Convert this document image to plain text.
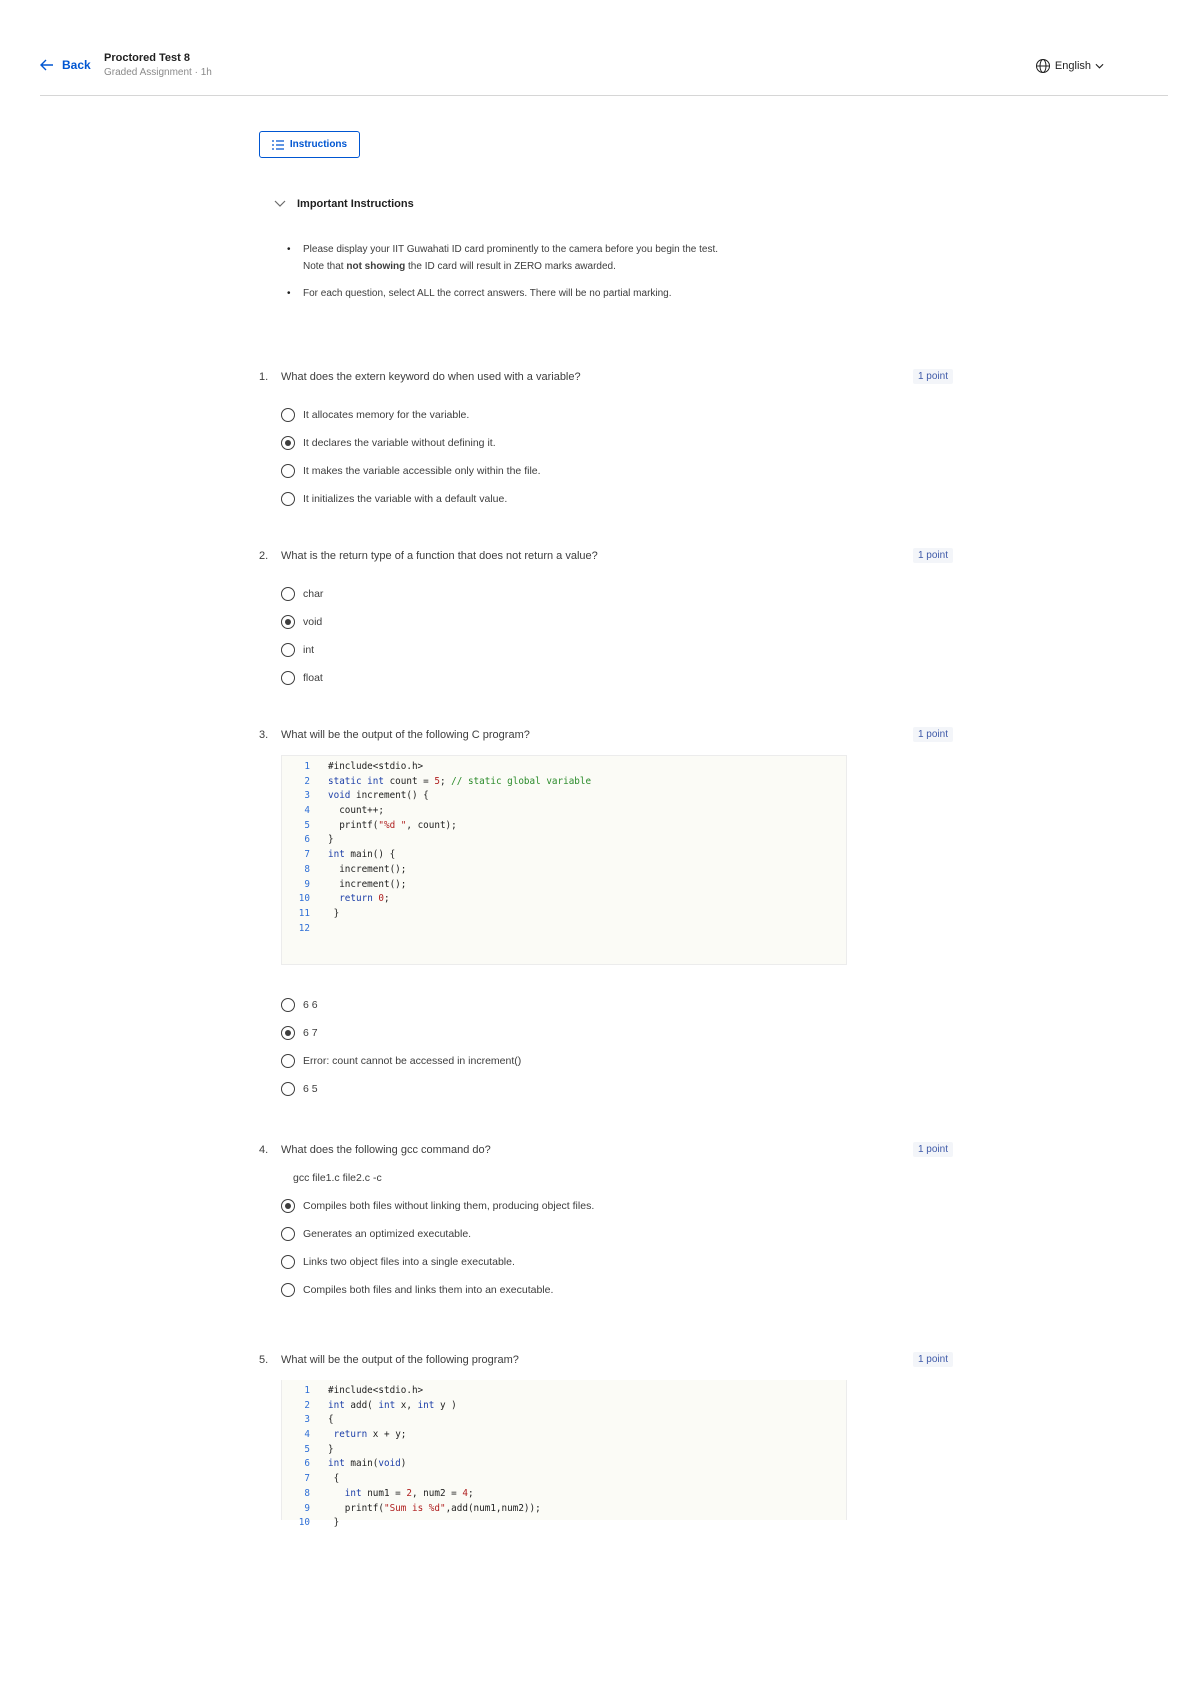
Back Proctored Test 8
Graded Assignment · 1h
English
Instructions
Important Instructions
• Please display your IIT Guwahati ID card prominently to the camera before you begin the test.
Note that not showing the ID card will result in ZERO marks awarded.
• For each question, select ALL the correct answers. There will be no partial marking.
1. What does the extern keyword do when used with a variable?	1 point
It allocates memory for the variable.
It declares the variable without defining it.
It makes the variable accessible only within the file.
It initializes the variable with a default value.
2. What is the return type of a function that does not return a value?	1 point
char
void
int
float
3. What will be the output of the following C program?	1 point
1	#include<stdio.h>
2	static int count = 5; // static global variable
3	void increment() {
4	count++;
5	printf("%d ", count);
6	}
7	int main() {
8	increment();
9	increment();
10	return 0;
11	}
12
6 6
6 7
Error: count cannot be accessed in increment()
6 5
4. What does the following gcc command do?	1 point
gcc file1.c file2.c -c
Compiles both files without linking them, producing object files.
Generates an optimized executable.
Links two object files into a single executable.
Compiles both files and links them into an executable.
5. What will be the output of the following program?	1 point
1	#include<stdio.h>
2	int add( int x, int y )
3	{
4	return x + y;
5	}
6	int main(void)
7	{
8	int num1 = 2, num2 = 4;
9	printf("Sum is %d",add(num1,num2));
10	}
